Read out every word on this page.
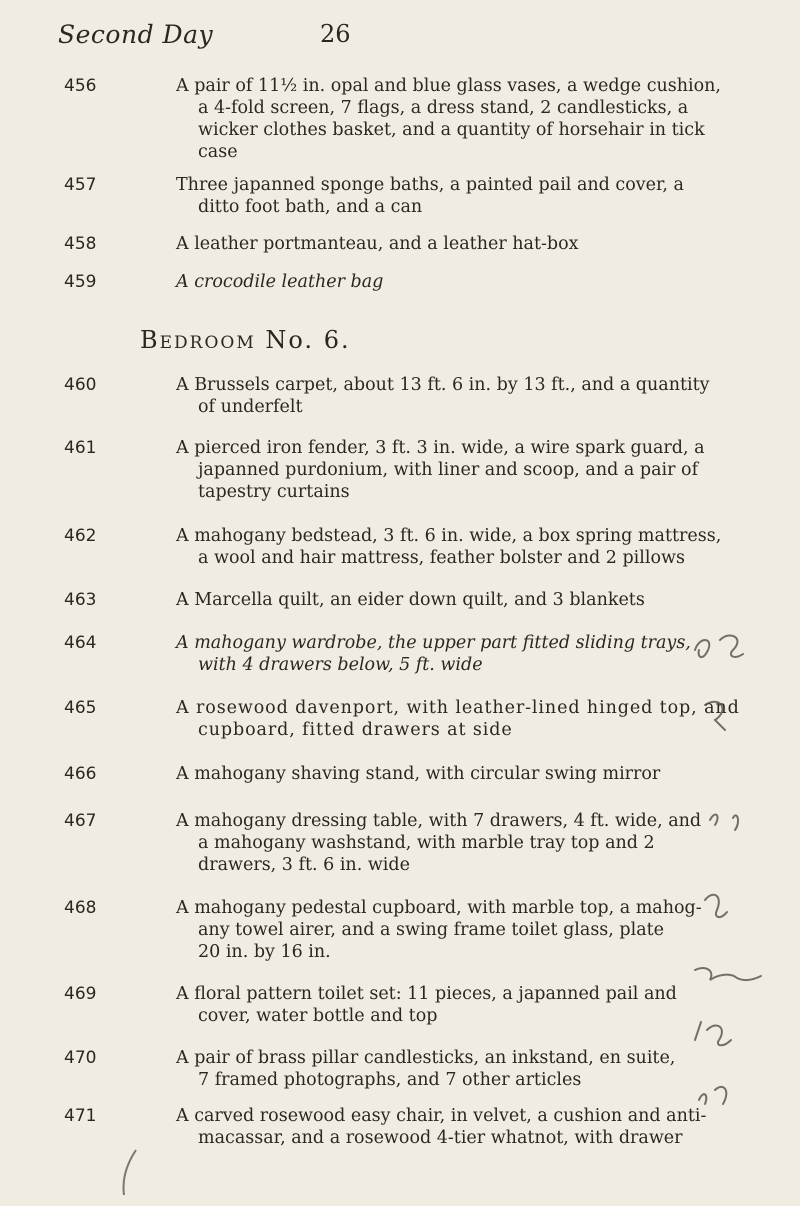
Second Day	26
456	A pair of 11½ in. opal and blue glass vases, a wedge cushion,
a 4-fold screen, 7 flags, a dress stand, 2 candlesticks, a
wicker clothes basket, and a quantity of horsehair in tick
case
457	Three japanned sponge baths, a painted pail and cover, a
ditto foot bath, and a can
458	A leather portmanteau, and a leather hat-box
459	A crocodile leather bag
Bedroom No. 6.
460	A Brussels carpet, about 13 ft. 6 in. by 13 ft., and a quantity
of underfelt
461	A pierced iron fender, 3 ft. 3 in. wide, a wire spark guard, a
japanned purdonium, with liner and scoop, and a pair of
tapestry curtains
462	A mahogany bedstead, 3 ft. 6 in. wide, a box spring mattress,
a wool and hair mattress, feather bolster and 2 pillows
463	A Marcella quilt, an eider down quilt, and 3 blankets
464	A mahogany wardrobe, the upper part fitted sliding trays,
with 4 drawers below, 5 ft. wide
465	A rosewood davenport, with leather-lined hinged top, and
cupboard, fitted drawers at side
466	A mahogany shaving stand, with circular swing mirror
467	A mahogany dressing table, with 7 drawers, 4 ft. wide, and
a mahogany washstand, with marble tray top and 2
drawers, 3 ft. 6 in. wide
468	A mahogany pedestal cupboard, with marble top, a mahog-
any towel airer, and a swing frame toilet glass, plate
20 in. by 16 in.
469	A floral pattern toilet set: 11 pieces, a japanned pail and
cover, water bottle and top
470	A pair of brass pillar candlesticks, an inkstand, en suite,
7 framed photographs, and 7 other articles
471	A carved rosewood easy chair, in velvet, a cushion and anti-
macassar, and a rosewood 4-tier whatnot, with drawer
